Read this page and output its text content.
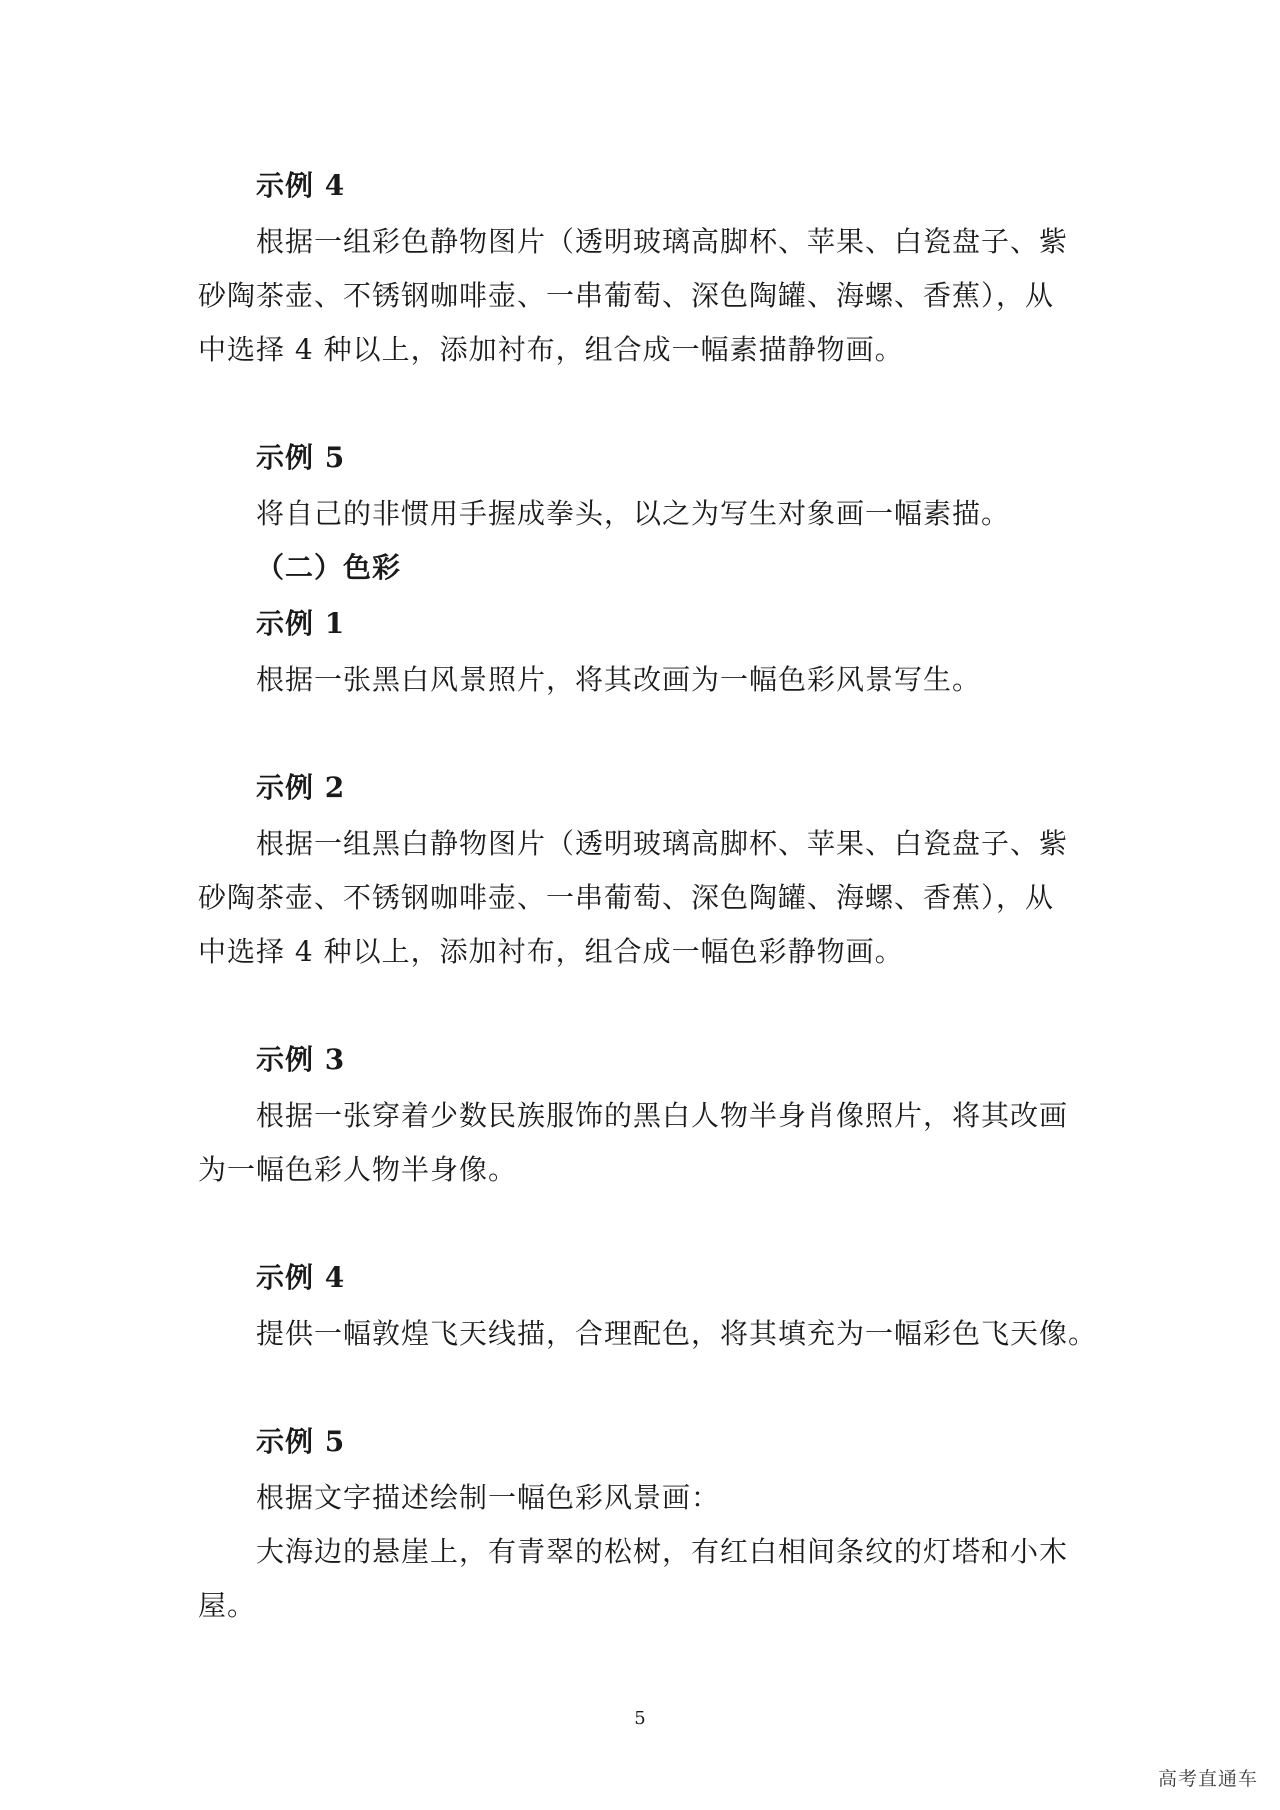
示例 4
根据一组彩色静物图片（透明玻璃高脚杯、苹果、白瓷盘子、紫
砂陶茶壶、不锈钢咖啡壶、一串葡萄、深色陶罐、海螺、香蕉），从
中选择 4 种以上，添加衬布，组合成一幅素描静物画。
示例 5
将自己的非惯用手握成拳头，以之为写生对象画一幅素描。
（二）色彩
示例 1
根据一张黑白风景照片，将其改画为一幅色彩风景写生。
示例 2
根据一组黑白静物图片（透明玻璃高脚杯、苹果、白瓷盘子、紫
砂陶茶壶、不锈钢咖啡壶、一串葡萄、深色陶罐、海螺、香蕉），从
中选择 4 种以上，添加衬布，组合成一幅色彩静物画。
示例 3
根据一张穿着少数民族服饰的黑白人物半身肖像照片，将其改画
为一幅色彩人物半身像。
示例 4
提供一幅敦煌飞天线描，合理配色，将其填充为一幅彩色飞天像。
示例 5
根据文字描述绘制一幅色彩风景画：
大海边的悬崖上，有青翠的松树，有红白相间条纹的灯塔和小木
屋。
5
高考直通车
